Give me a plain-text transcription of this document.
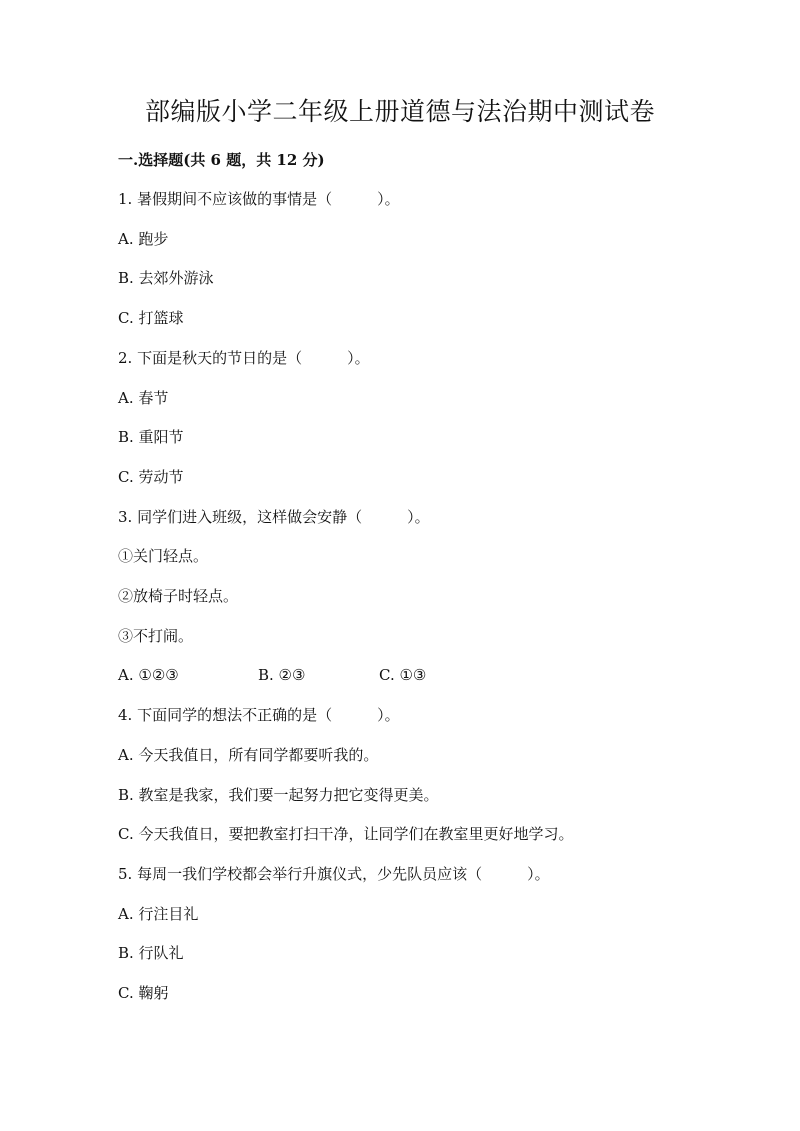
部编版小学二年级上册道德与法治期中测试卷
一.选择题(共 6 题，共 12 分)
1. 暑假期间不应该做的事情是（　　　）。
A. 跑步
B. 去郊外游泳
C. 打篮球
2. 下面是秋天的节日的是（　　　）。
A. 春节
B. 重阳节
C. 劳动节
3. 同学们进入班级，这样做会安静（　　　）。
①关门轻点。
②放椅子时轻点。
③不打闹。
A. ①②③	B. ②③	C. ①③
4. 下面同学的想法不正确的是（　　　）。
A. 今天我值日，所有同学都要听我的。
B. 教室是我家，我们要一起努力把它变得更美。
C. 今天我值日，要把教室打扫干净，让同学们在教室里更好地学习。
5. 每周一我们学校都会举行升旗仪式，少先队员应该（　　　）。
A. 行注目礼
B. 行队礼
C. 鞠躬
